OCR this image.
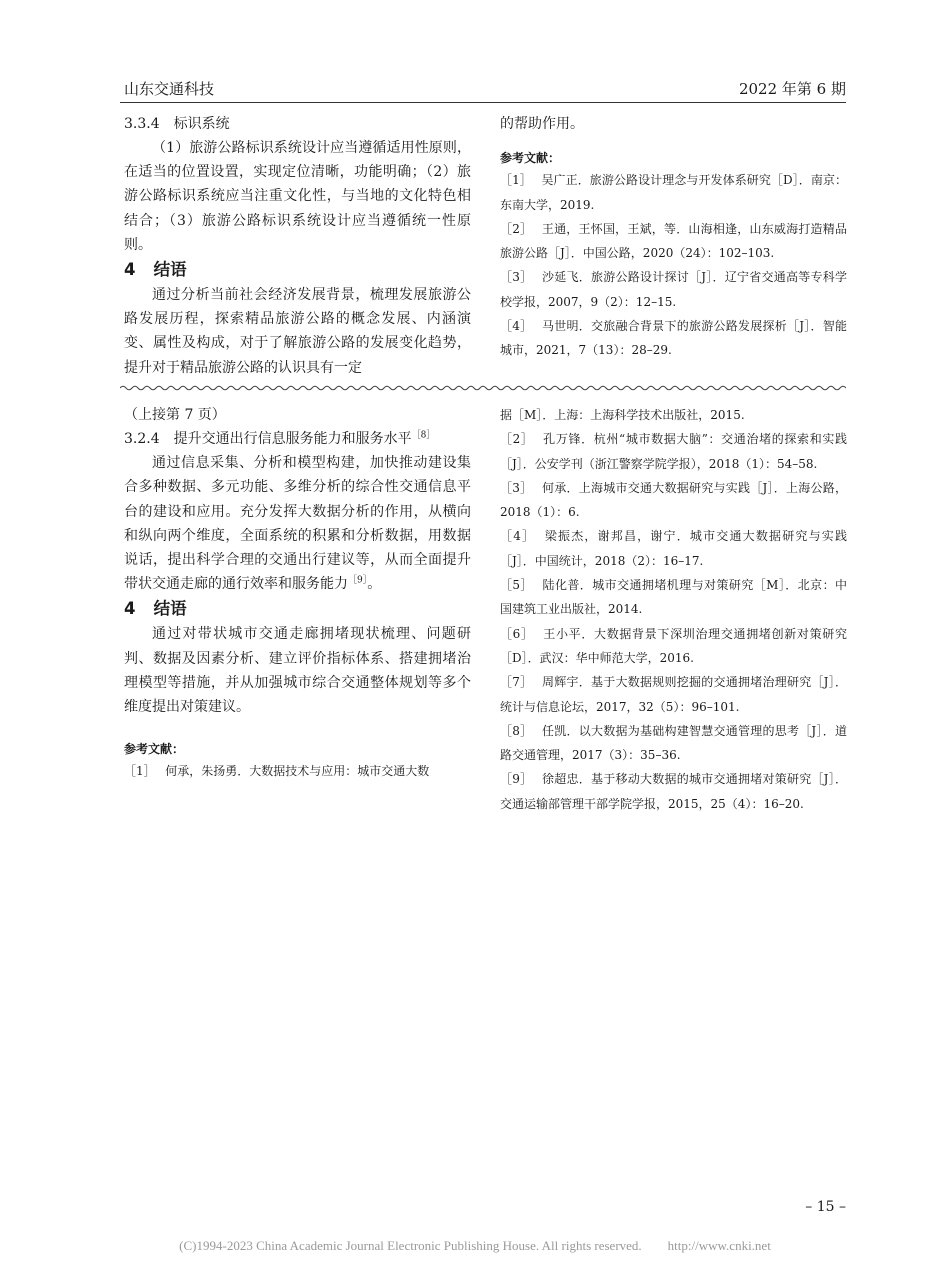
山东交通科技	2022 年第 6 期

3.3.4　标识系统

（1）旅游公路标识系统设计应当遵循适用性原则，在适当的位置设置，实现定位清晰，功能明确；（2）旅游公路标识系统应当注重文化性，与当地的文化特色相结合；（3）旅游公路标识系统设计应当遵循统一性原则。

4 结语

通过分析当前社会经济发展背景，梳理发展旅游公路发展历程，探索精品旅游公路的概念发展、内涵演变、属性及构成，对于了解旅游公路的发展变化趋势，提升对于精品旅游公路的认识具有一定

的帮助作用。

参考文献：

［1］ 吴广正．旅游公路设计理念与开发体系研究［D］．南京：东南大学，2019.

［2］ 王通，王怀国，王斌，等．山海相逢，山东威海打造精品旅游公路［J］．中国公路，2020（24）：102–103.

［3］ 沙延飞．旅游公路设计探讨［J］．辽宁省交通高等专科学校学报，2007，9（2）：12–15.

［4］ 马世明．交旅融合背景下的旅游公路发展探析［J］．智能城市，2021，7（13）：28–29.

（上接第 7 页）

3.2.4　提升交通出行信息服务能力和服务水平$^{[8]}$

通过信息采集、分析和模型构建，加快推动建设集合多种数据、多元功能、多维分析的综合性交通信息平台的建设和应用。充分发挥大数据分析的作用，从横向和纵向两个维度，全面系统的积累和分析数据，用数据说话，提出科学合理的交通出行建议等，从而全面提升带状交通走廊的通行效率和服务能力$^{[9]}$。

4 结语

通过对带状城市交通走廊拥堵现状梳理、问题研判、数据及因素分析、建立评价指标体系、搭建拥堵治理模型等措施，并从加强城市综合交通整体规划等多个维度提出对策建议。

参考文献：

［1］ 何承，朱扬勇．大数据技术与应用：城市交通大数

据［M］．上海：上海科学技术出版社，2015.

［2］ 孔万锋．杭州“城市数据大脑”：交通治堵的探索和实践［J］．公安学刊（浙江警察学院学报），2018（1）：54–58.

［3］ 何承．上海城市交通大数据研究与实践［J］．上海公路，2018（1）：6.

［4］ 梁振杰，谢邦昌，谢宁．城市交通大数据研究与实践［J］．中国统计，2018（2）：16–17.

［5］ 陆化普．城市交通拥堵机理与对策研究［M］．北京：中国建筑工业出版社，2014.

［6］ 王小平．大数据背景下深圳治理交通拥堵创新对策研究［D］．武汉：华中师范大学，2016.

［7］ 周辉宇．基于大数据规则挖掘的交通拥堵治理研究［J］．统计与信息论坛，2017，32（5）：96–101.

［8］ 任凯．以大数据为基础构建智慧交通管理的思考［J］．道路交通管理，2017（3）：35–36.

［9］ 徐超忠．基于移动大数据的城市交通拥堵对策研究［J］．交通运输部管理干部学院学报，2015，25（4）：16–20.

– 15 –
(C)1994-2023 China Academic Journal Electronic Publishing House. All rights reserved.　　http://www.cnki.net
